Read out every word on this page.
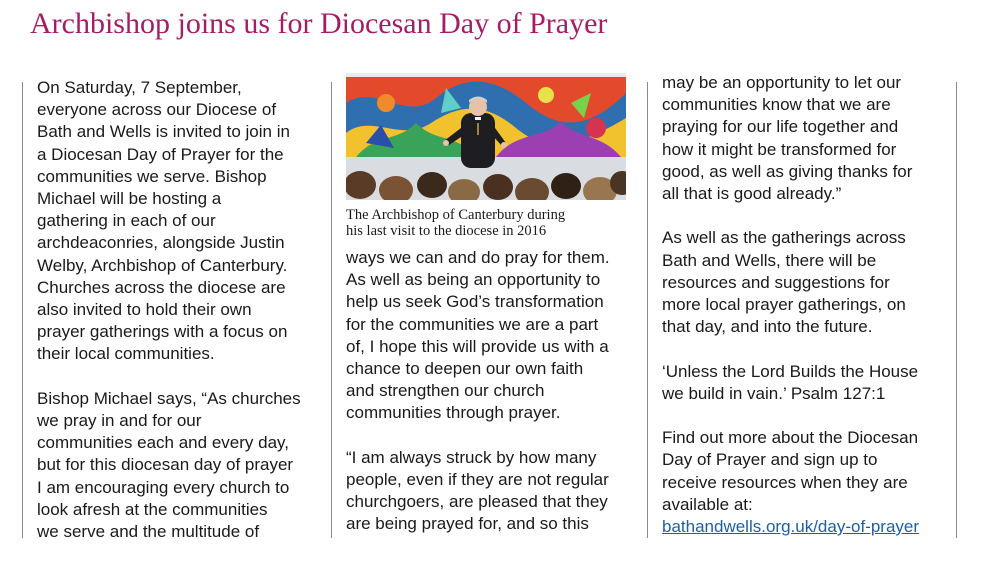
Archbishop joins us for Diocesan Day of Prayer

On Saturday, 7 September,
everyone across our Diocese of
Bath and Wells is invited to join in
a Diocesan Day of Prayer for the
communities we serve. Bishop
Michael will be hosting a
gathering in each of our
archdeaconries, alongside Justin
Welby, Archbishop of Canterbury.
Churches across the diocese are
also invited to hold their own
prayer gatherings with a focus on
their local communities.

Bishop Michael says, “As churches
we pray in and for our
communities each and every day,
but for this diocesan day of prayer
I am encouraging every church to
look afresh at the communities
we serve and the multitude of

The Archbishop of Canterbury during
his last visit to the diocese in 2016

ways we can and do pray for them.
As well as being an opportunity to
help us seek God’s transformation
for the communities we are a part
of, I hope this will provide us with a
chance to deepen our own faith
and strengthen our church
communities through prayer.

“I am always struck by how many
people, even if they are not regular
churchgoers, are pleased that they
are being prayed for, and so this

may be an opportunity to let our
communities know that we are
praying for our life together and
how it might be transformed for
good, as well as giving thanks for
all that is good already.”

As well as the gatherings across
Bath and Wells, there will be
resources and suggestions for
more local prayer gatherings, on
that day, and into the future.

‘Unless the Lord Builds the House
we build in vain.’ Psalm 127:1

Find out more about the Diocesan
Day of Prayer and sign up to
receive resources when they are
available at:
bathandwells.org.uk/day-of-prayer
